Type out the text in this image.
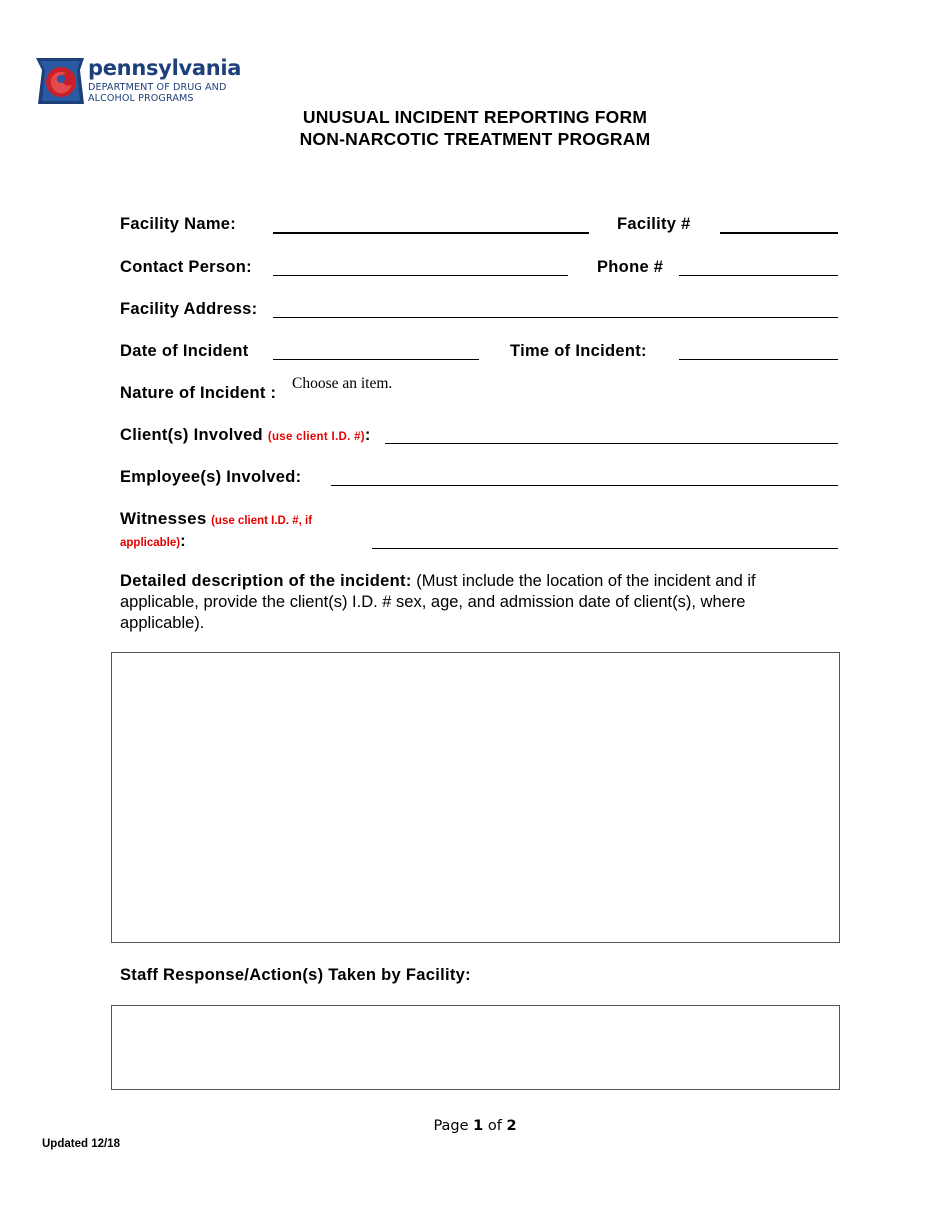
pennsylvania
DEPARTMENT OF DRUG AND
ALCOHOL PROGRAMS
UNUSUAL INCIDENT REPORTING FORM
NON-NARCOTIC TREATMENT PROGRAM
Facility Name:	Facility #
Contact Person:	Phone #
Facility Address:
Date of Incident	Time of Incident:
Nature of Incident :
Choose an item.
Client(s) Involved (use client I.D. #):
Employee(s) Involved:
Witnesses (use client I.D. #, if
applicable):
Detailed description of the incident: (Must include the location of the incident and if applicable, provide the client(s) I.D. # sex, age, and admission date of client(s), where applicable).
Staff Response/Action(s) Taken by Facility:
Page 1 of 2
Updated 12/18
